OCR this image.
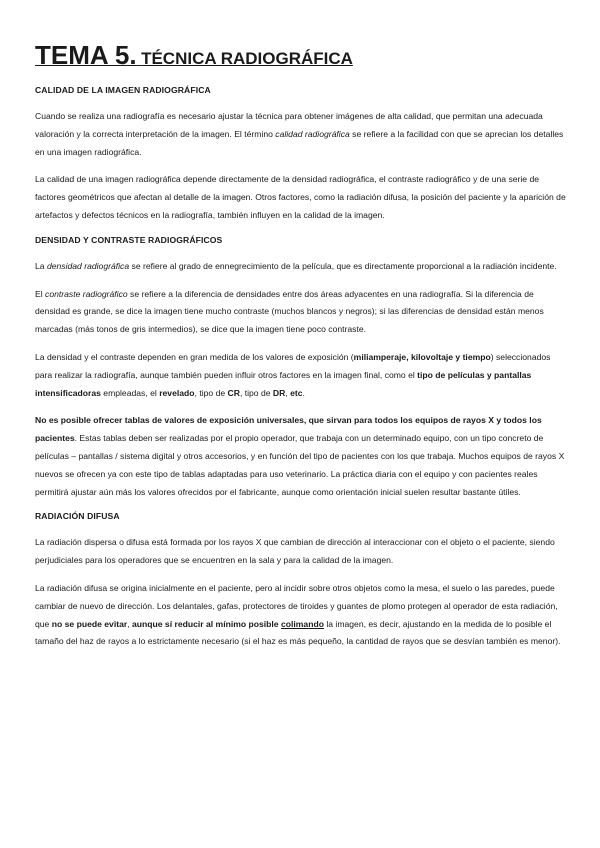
TEMA 5. TÉCNICA RADIOGRÁFICA
CALIDAD DE LA IMAGEN RADIOGRÁFICA

Cuando se realiza una radiografía es necesario ajustar la técnica para obtener imágenes de alta calidad, que permitan una adecuada valoración y la correcta interpretación de la imagen. El término calidad radiográfica se refiere a la facilidad con que se aprecian los detalles en una imagen radiográfica.

La calidad de una imagen radiográfica depende directamente de la densidad radiográfica, el contraste radiográfico y de una serie de factores geométricos que afectan al detalle de la imagen. Otros factores, como la radiación difusa, la posición del paciente y la aparición de artefactos y defectos técnicos en la radiografía, también influyen en la calidad de la imagen.

DENSIDAD Y CONTRASTE RADIOGRÁFICOS

La densidad radiográfica se refiere al grado de ennegrecimiento de la película, que es directamente proporcional a la radiación incidente.

El contraste radiográfico se refiere a la diferencia de densidades entre dos áreas adyacentes en una radiografía. Si la diferencia de densidad es grande, se dice la imagen tiene mucho contraste (muchos blancos y negros); si las diferencias de densidad están menos marcadas (más tonos de gris intermedios), se dice que la imagen tiene poco contraste.

La densidad y el contraste dependen en gran medida de los valores de exposición (miliamperaje, kilovoltaje y tiempo) seleccionados para realizar la radiografía, aunque también pueden influir otros factores en la imagen final, como el tipo de películas y pantallas intensificadoras empleadas, el revelado, tipo de CR, tipo de DR, etc.

No es posible ofrecer tablas de valores de exposición universales, que sirvan para todos los equipos de rayos X y todos los pacientes. Estas tablas deben ser realizadas por el propio operador, que trabaja con un determinado equipo, con un tipo concreto de películas – pantallas / sistema digital y otros accesorios, y en función del tipo de pacientes con los que trabaja. Muchos equipos de rayos X nuevos se ofrecen ya con este tipo de tablas adaptadas para uso veterinario. La práctica diaria con el equipo y con pacientes reales permitirá ajustar aún más los valores ofrecidos por el fabricante, aunque como orientación inicial suelen resultar bastante útiles.

RADIACIÓN DIFUSA

La radiación dispersa o difusa está formada por los rayos X que cambian de dirección al interaccionar con el objeto o el paciente, siendo perjudiciales para los operadores que se encuentren en la sala y para la calidad de la imagen.

La radiación difusa se origina inicialmente en el paciente, pero al incidir sobre otros objetos como la mesa, el suelo o las paredes, puede cambiar de nuevo de dirección. Los delantales, gafas, protectores de tiroides y guantes de plomo protegen al operador de esta radiación, que no se puede evitar, aunque sí reducir al mínimo posible colimando la imagen, es decir, ajustando en la medida de lo posible el tamaño del haz de rayos a lo estrictamente necesario (si el haz es más pequeño, la cantidad de rayos que se desvían también es menor).
